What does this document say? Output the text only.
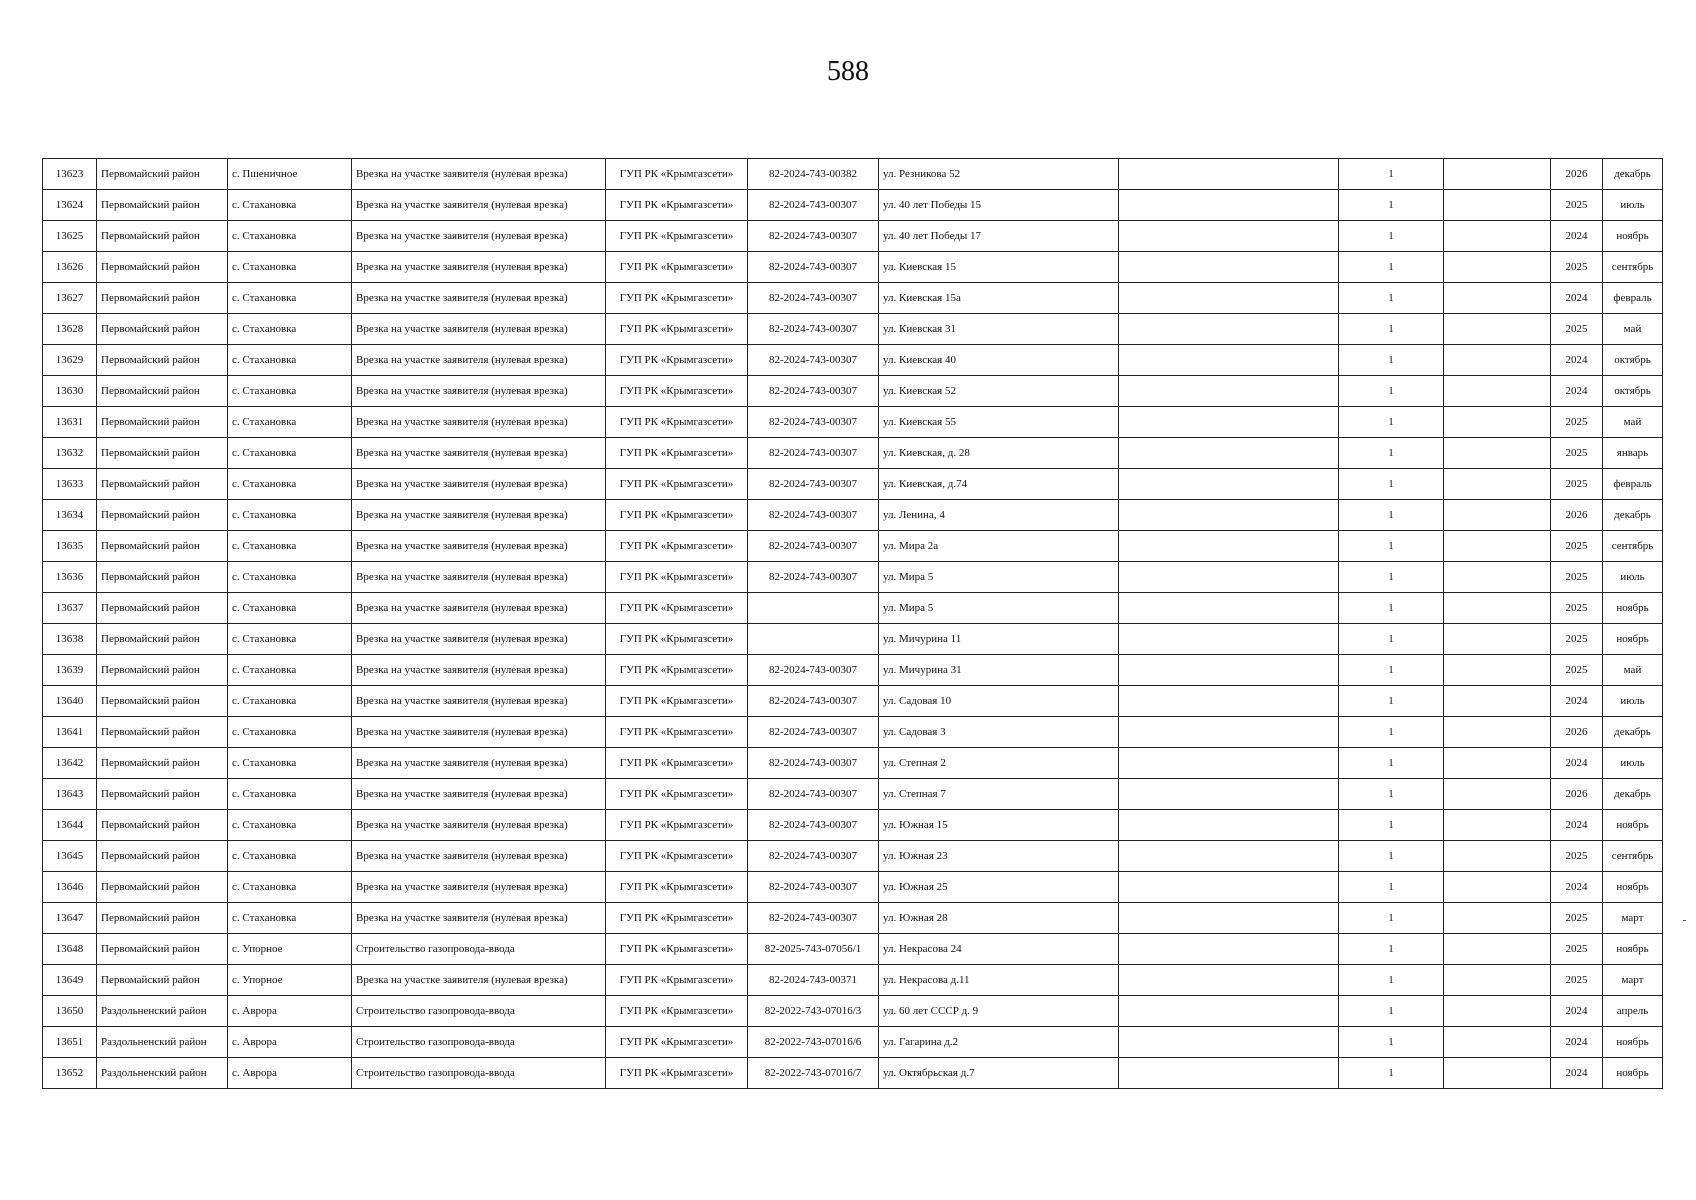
588
13623	Первомайский район	с. Пшеничное	Врезка на участке заявителя (нулевая врезка)	ГУП РК «Крымгазсети»	82-2024-743-00382	ул. Резникова 52		1		2026	декабрь
13624	Первомайский район	с. Стахановка	Врезка на участке заявителя (нулевая врезка)	ГУП РК «Крымгазсети»	82-2024-743-00307	ул. 40 лет Победы 15		1		2025	июль
13625	Первомайский район	с. Стахановка	Врезка на участке заявителя (нулевая врезка)	ГУП РК «Крымгазсети»	82-2024-743-00307	ул. 40 лет Победы 17		1		2024	ноябрь
13626	Первомайский район	с. Стахановка	Врезка на участке заявителя (нулевая врезка)	ГУП РК «Крымгазсети»	82-2024-743-00307	ул. Киевская 15		1		2025	сентябрь
13627	Первомайский район	с. Стахановка	Врезка на участке заявителя (нулевая врезка)	ГУП РК «Крымгазсети»	82-2024-743-00307	ул. Киевская 15а		1		2024	февраль
13628	Первомайский район	с. Стахановка	Врезка на участке заявителя (нулевая врезка)	ГУП РК «Крымгазсети»	82-2024-743-00307	ул. Киевская 31		1		2025	май
13629	Первомайский район	с. Стахановка	Врезка на участке заявителя (нулевая врезка)	ГУП РК «Крымгазсети»	82-2024-743-00307	ул. Киевская 40		1		2024	октябрь
13630	Первомайский район	с. Стахановка	Врезка на участке заявителя (нулевая врезка)	ГУП РК «Крымгазсети»	82-2024-743-00307	ул. Киевская 52		1		2024	октябрь
13631	Первомайский район	с. Стахановка	Врезка на участке заявителя (нулевая врезка)	ГУП РК «Крымгазсети»	82-2024-743-00307	ул. Киевская 55		1		2025	май
13632	Первомайский район	с. Стахановка	Врезка на участке заявителя (нулевая врезка)	ГУП РК «Крымгазсети»	82-2024-743-00307	ул. Киевская, д. 28		1		2025	январь
13633	Первомайский район	с. Стахановка	Врезка на участке заявителя (нулевая врезка)	ГУП РК «Крымгазсети»	82-2024-743-00307	ул. Киевская, д.74		1		2025	февраль
13634	Первомайский район	с. Стахановка	Врезка на участке заявителя (нулевая врезка)	ГУП РК «Крымгазсети»	82-2024-743-00307	ул. Ленина, 4		1		2026	декабрь
13635	Первомайский район	с. Стахановка	Врезка на участке заявителя (нулевая врезка)	ГУП РК «Крымгазсети»	82-2024-743-00307	ул. Мира 2а		1		2025	сентябрь
13636	Первомайский район	с. Стахановка	Врезка на участке заявителя (нулевая врезка)	ГУП РК «Крымгазсети»	82-2024-743-00307	ул. Мира 5		1		2025	июль
13637	Первомайский район	с. Стахановка	Врезка на участке заявителя (нулевая врезка)	ГУП РК «Крымгазсети»		ул. Мира 5		1		2025	ноябрь
13638	Первомайский район	с. Стахановка	Врезка на участке заявителя (нулевая врезка)	ГУП РК «Крымгазсети»		ул. Мичурина 11		1		2025	ноябрь
13639	Первомайский район	с. Стахановка	Врезка на участке заявителя (нулевая врезка)	ГУП РК «Крымгазсети»	82-2024-743-00307	ул. Мичурина 31		1		2025	май
13640	Первомайский район	с. Стахановка	Врезка на участке заявителя (нулевая врезка)	ГУП РК «Крымгазсети»	82-2024-743-00307	ул. Садовая 10		1		2024	июль
13641	Первомайский район	с. Стахановка	Врезка на участке заявителя (нулевая врезка)	ГУП РК «Крымгазсети»	82-2024-743-00307	ул. Садовая 3		1		2026	декабрь
13642	Первомайский район	с. Стахановка	Врезка на участке заявителя (нулевая врезка)	ГУП РК «Крымгазсети»	82-2024-743-00307	ул. Степная 2		1		2024	июль
13643	Первомайский район	с. Стахановка	Врезка на участке заявителя (нулевая врезка)	ГУП РК «Крымгазсети»	82-2024-743-00307	ул. Степная 7		1		2026	декабрь
13644	Первомайский район	с. Стахановка	Врезка на участке заявителя (нулевая врезка)	ГУП РК «Крымгазсети»	82-2024-743-00307	ул. Южная 15		1		2024	ноябрь
13645	Первомайский район	с. Стахановка	Врезка на участке заявителя (нулевая врезка)	ГУП РК «Крымгазсети»	82-2024-743-00307	ул. Южная 23		1		2025	сентябрь
13646	Первомайский район	с. Стахановка	Врезка на участке заявителя (нулевая врезка)	ГУП РК «Крымгазсети»	82-2024-743-00307	ул. Южная 25		1		2024	ноябрь
13647	Первомайский район	с. Стахановка	Врезка на участке заявителя (нулевая врезка)	ГУП РК «Крымгазсети»	82-2024-743-00307	ул. Южная 28		1		2025	март
13648	Первомайский район	с. Упорное	Строительство газопровода-ввода	ГУП РК «Крымгазсети»	82-2025-743-07056/1	ул. Некрасова 24		1		2025	ноябрь
13649	Первомайский район	с. Упорное	Врезка на участке заявителя (нулевая врезка)	ГУП РК «Крымгазсети»	82-2024-743-00371	ул. Некрасова д.11		1		2025	март
13650	Раздольненский район	с. Аврора	Строительство газопровода-ввода	ГУП РК «Крымгазсети»	82-2022-743-07016/3	ул. 60 лет СССР д. 9		1		2024	апрель
13651	Раздольненский район	с. Аврора	Строительство газопровода-ввода	ГУП РК «Крымгазсети»	82-2022-743-07016/6	ул. Гагарина д.2		1		2024	ноябрь
13652	Раздольненский район	с. Аврора	Строительство газопровода-ввода	ГУП РК «Крымгазсети»	82-2022-743-07016/7	ул. Октябрьская д.7		1		2024	ноябрь
